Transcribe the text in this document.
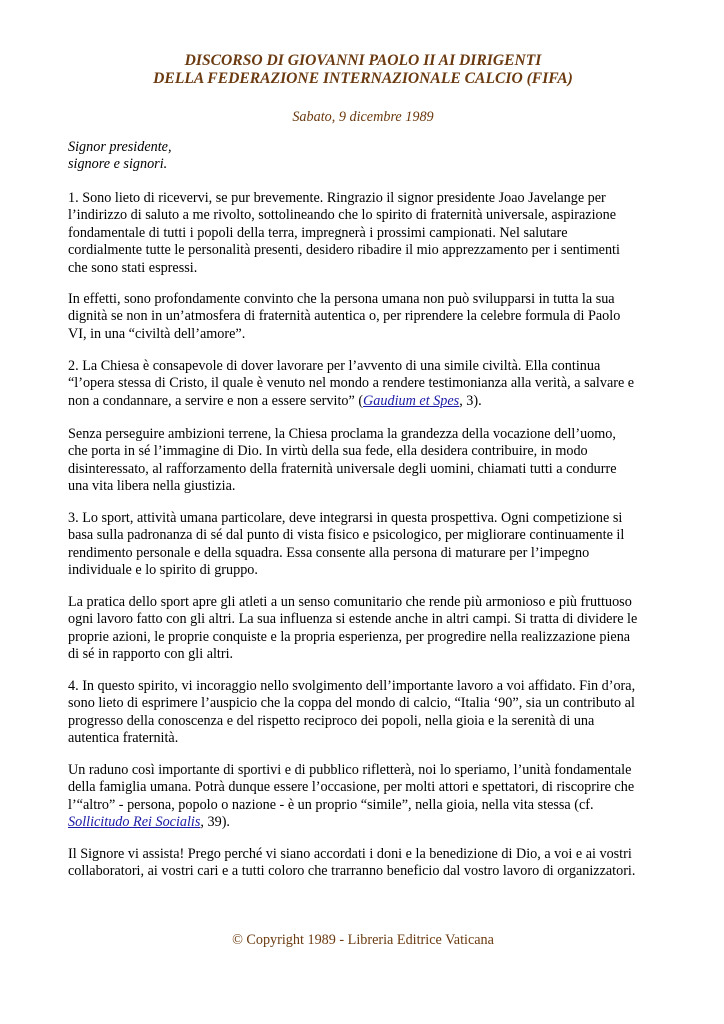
DISCORSO DI GIOVANNI PAOLO II AI DIRIGENTI
DELLA FEDERAZIONE INTERNAZIONALE CALCIO (FIFA)

Sabato, 9 dicembre 1989

Signor presidente,
signore e signori.

1. Sono lieto di ricevervi, se pur brevemente. Ringrazio il signor presidente Joao Javelange per
l’indirizzo di saluto a me rivolto, sottolineando che lo spirito di fraternità universale, aspirazione
fondamentale di tutti i popoli della terra, impregnerà i prossimi campionati. Nel salutare
cordialmente tutte le personalità presenti, desidero ribadire il mio apprezzamento per i sentimenti
che sono stati espressi.

In effetti, sono profondamente convinto che la persona umana non può svilupparsi in tutta la sua
dignità se non in un’atmosfera di fraternità autentica o, per riprendere la celebre formula di Paolo
VI, in una “civiltà dell’amore”.

2. La Chiesa è consapevole di dover lavorare per l’avvento di una simile civiltà. Ella continua
“l’opera stessa di Cristo, il quale è venuto nel mondo a rendere testimonianza alla verità, a salvare e
non a condannare, a servire e non a essere servito” (Gaudium et Spes, 3).

Senza perseguire ambizioni terrene, la Chiesa proclama la grandezza della vocazione dell’uomo,
che porta in sé l’immagine di Dio. In virtù della sua fede, ella desidera contribuire, in modo
disinteressato, al rafforzamento della fraternità universale degli uomini, chiamati tutti a condurre
una vita libera nella giustizia.

3. Lo sport, attività umana particolare, deve integrarsi in questa prospettiva. Ogni competizione si
basa sulla padronanza di sé dal punto di vista fisico e psicologico, per migliorare continuamente il
rendimento personale e della squadra. Essa consente alla persona di maturare per l’impegno
individuale e lo spirito di gruppo.

La pratica dello sport apre gli atleti a un senso comunitario che rende più armonioso e più fruttuoso
ogni lavoro fatto con gli altri. La sua influenza si estende anche in altri campi. Si tratta di dividere le
proprie azioni, le proprie conquiste e la propria esperienza, per progredire nella realizzazione piena
di sé in rapporto con gli altri.

4. In questo spirito, vi incoraggio nello svolgimento dell’importante lavoro a voi affidato. Fin d’ora,
sono lieto di esprimere l’auspicio che la coppa del mondo di calcio, “Italia ‘90”, sia un contributo al
progresso della conoscenza e del rispetto reciproco dei popoli, nella gioia e la serenità di una
autentica fraternità.

Un raduno così importante di sportivi e di pubblico rifletterà, noi lo speriamo, l’unità fondamentale
della famiglia umana. Potrà dunque essere l’occasione, per molti attori e spettatori, di riscoprire che
l’“altro” - persona, popolo o nazione - è un proprio “simile”, nella gioia, nella vita stessa (cf.
Sollicitudo Rei Socialis, 39).

Il Signore vi assista! Prego perché vi siano accordati i doni e la benedizione di Dio, a voi e ai vostri
collaboratori, ai vostri cari e a tutti coloro che trarranno beneficio dal vostro lavoro di organizzatori.

© Copyright 1989 - Libreria Editrice Vaticana
